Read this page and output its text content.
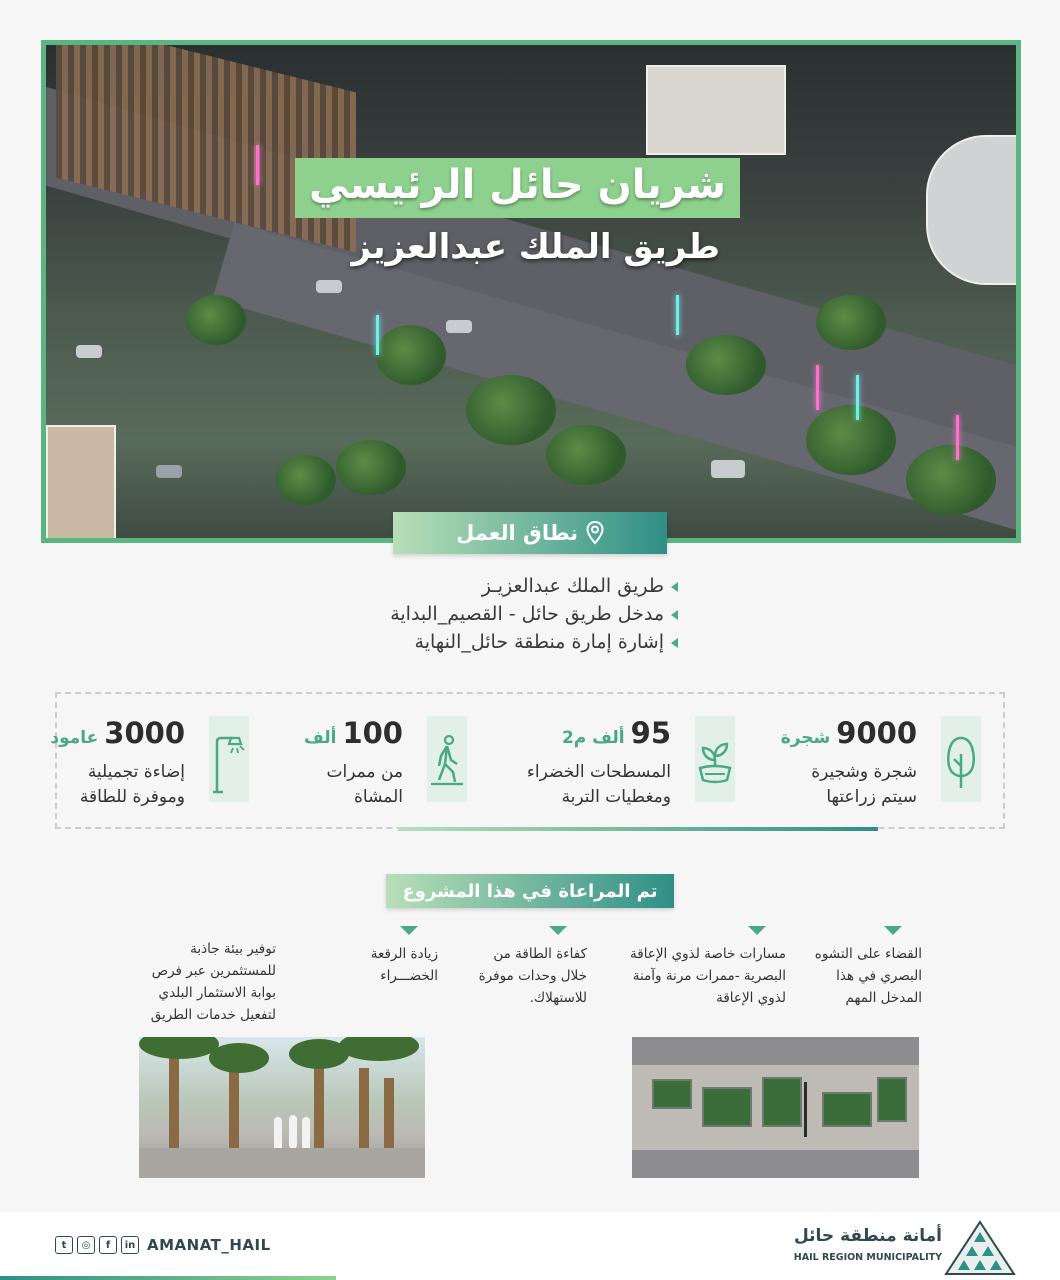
شريان حائل الرئيسي
طريق الملك عبدالعزيز
نطاق العمل
طريق الملك عبدالعزيـز
مدخل طريق حائل - القصيم_البداية
إشارة إمارة منطقة حائل_النهاية
9000شجرة
شجرة وشجيرة
سيتم زراعتها
95ألف م2
المسطحات الخضراء
ومغطيات التربة
100ألف
من ممرات
المشاة
3000عامود
إضاءة تجميلية
وموفرة للطاقة
تم المراعاة في هذا المشروع
القضاء على التشوه
البصري في هذا
المدخل المهم
مسارات خاصة لذوي الإعاقة
البصرية -ممرات مرنة وآمنة
لذوي الإعاقة
كفاءة الطاقة من
خلال وحدات موفرة
للاستهلاك.
زيادة الرقعة
الخضـــراء
توفير بيئة جاذبة
للمستثمرين عبر فرص
بوابة الاستثمار البلدي
لتفعيل خدمات الطريق
t	◎	f	in AMANAT_HAIL	أمانة منطقة حائل
HAIL REGION MUNICIPALITY
